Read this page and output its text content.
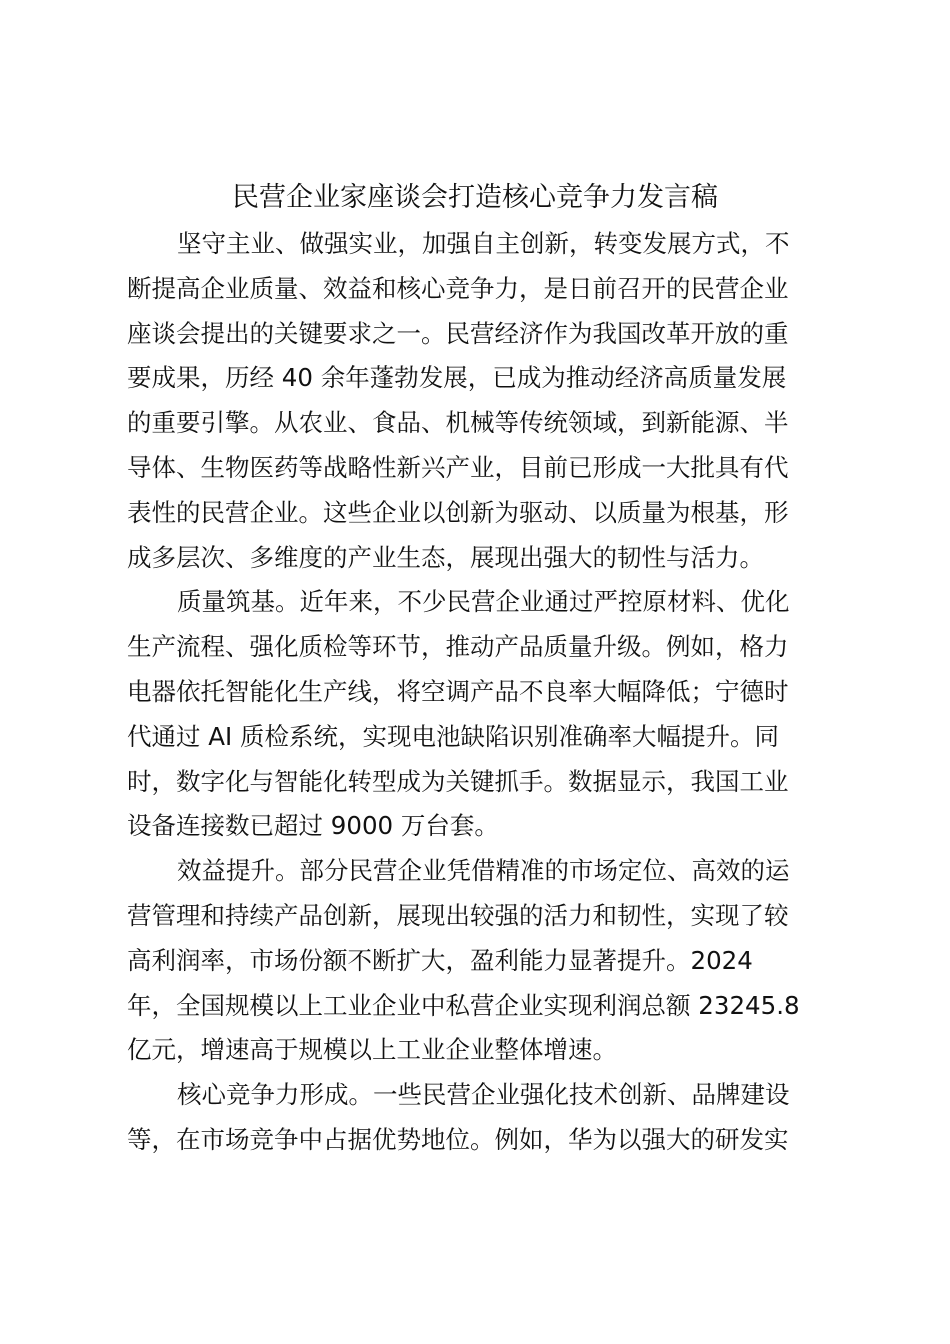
民营企业家座谈会打造核心竞争力发言稿
坚守主业、做强实业，加强自主创新，转变发展方式，不
断提高企业质量、效益和核心竞争力，是日前召开的民营企业
座谈会提出的关键要求之一。民营经济作为我国改革开放的重
要成果，历经 40 余年蓬勃发展，已成为推动经济高质量发展
的重要引擎。从农业、食品、机械等传统领域，到新能源、半
导体、生物医药等战略性新兴产业，目前已形成一大批具有代
表性的民营企业。这些企业以创新为驱动、以质量为根基，形
成多层次、多维度的产业生态，展现出强大的韧性与活力。
质量筑基。近年来，不少民营企业通过严控原材料、优化
生产流程、强化质检等环节，推动产品质量升级。例如，格力
电器依托智能化生产线，将空调产品不良率大幅降低；宁德时
代通过 AI 质检系统，实现电池缺陷识别准确率大幅提升。同
时，数字化与智能化转型成为关键抓手。数据显示，我国工业
设备连接数已超过 9000 万台套。
效益提升。部分民营企业凭借精准的市场定位、高效的运
营管理和持续产品创新，展现出较强的活力和韧性，实现了较
高利润率，市场份额不断扩大，盈利能力显著提升。2024
年，全国规模以上工业企业中私营企业实现利润总额 23245.8
亿元，增速高于规模以上工业企业整体增速。
核心竞争力形成。一些民营企业强化技术创新、品牌建设
等，在市场竞争中占据优势地位。例如，华为以强大的研发实
